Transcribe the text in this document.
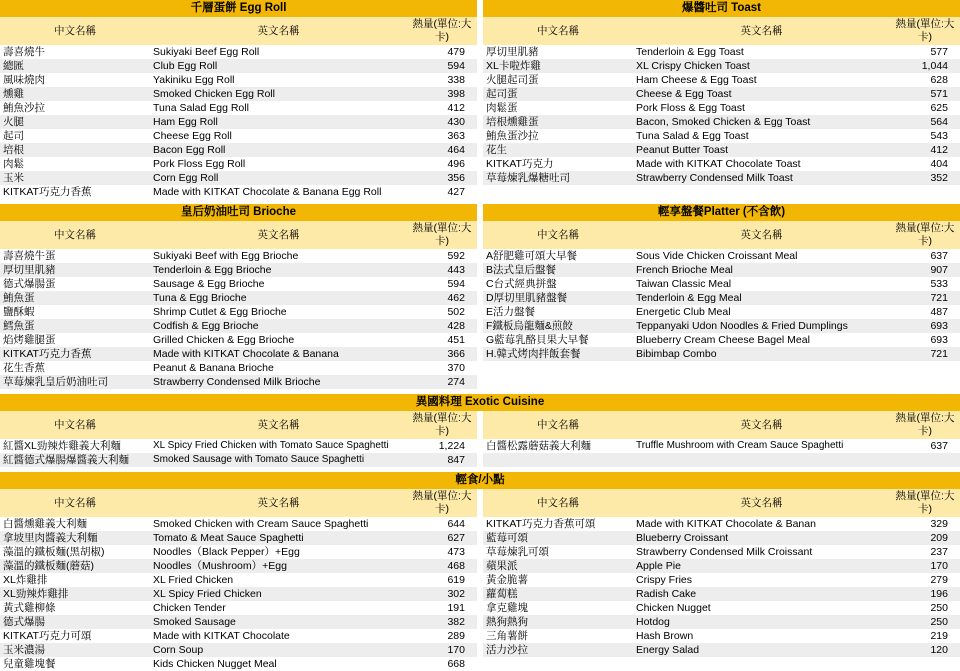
千層蛋餅 Egg Roll		
中文名稱	英文名稱	熱量(單位:大卡)
壽喜燒牛	Sukiyaki Beef Egg Roll	479
總匯	Club Egg Roll	594
風味燒肉	Yakiniku Egg Roll	338
燻雞	Smoked Chicken Egg Roll	398
鮪魚沙拉	Tuna Salad Egg Roll	412
火腿	Ham Egg Roll	430
起司	Cheese Egg Roll	363
培根	Bacon Egg Roll	464
肉鬆	Pork Floss Egg Roll	496
玉米	Corn Egg Roll	356
KITKAT巧克力香蕉	Made with KITKAT Chocolate & Banana Egg Roll	427
爆醬吐司 Toast		
中文名稱	英文名稱	熱量(單位:大卡)
厚切里肌豬	Tenderloin & Egg Toast	577
XL卡啦炸雞	XL Crispy Chicken Toast	1,044
火腿起司蛋	Ham Cheese & Egg Toast	628
起司蛋	Cheese & Egg Toast	571
肉鬆蛋	Pork Floss & Egg Toast	625
培根燻雞蛋	Bacon, Smoked Chicken & Egg Toast	564
鮪魚蛋沙拉	Tuna Salad & Egg Toast	543
花生	Peanut Butter Toast	412
KITKAT巧克力	Made with KITKAT Chocolate Toast	404
草莓煉乳爆糖吐司	Strawberry Condensed Milk Toast	352
皇后奶油吐司 Brioche		
中文名稱	英文名稱	熱量(單位:大卡)
壽喜燒牛蛋	Sukiyaki Beef with Egg Brioche	592
厚切里肌豬	Tenderloin & Egg Brioche	443
德式爆腸蛋	Sausage & Egg Brioche	594
鮪魚蛋	Tuna & Egg Brioche	462
鹽酥蝦	Shrimp Cutlet & Egg Brioche	502
鱈魚蛋	Codfish & Egg Brioche	428
焰烤雞腿蛋	Grilled Chicken & Egg Brioche	451
KITKAT巧克力香蕉	Made with KITKAT Chocolate & Banana	366
花生香蕉	Peanut & Banana Brioche	370
草莓煉乳皇后奶油吐司	Strawberry Condensed Milk Brioche	274
輕享盤餐Platter (不含飲)		
中文名稱	英文名稱	熱量(單位:大卡)
A舒肥雞可頌大早餐	Sous Vide Chicken Croissant Meal	637
B法式皇后盤餐	French Brioche Meal	907
C台式經典拼盤	Taiwan Classic Meal	533
D厚切里肌豬盤餐	Tenderloin & Egg Meal	721
E活力盤餐	Energetic Club Meal	487
F鐵板烏龍麵&煎餃	Teppanyaki Udon Noodles & Fried Dumplings	693
G藍莓乳酪貝果大早餐	Blueberry Cream Cheese Bagel Meal	693
H.韓式烤肉拌飯套餐	Bibimbap Combo	721
異國料理 Exotic Cuisine
中文名稱	英文名稱	熱量(單位:大卡)
紅醬XL勁辣炸雞義大利麵	XL Spicy Fried Chicken with Tomato Sauce Spaghetti	1,224
紅醬德式爆腸爆醬義大利麵	Smoked Sausage with Tomato Sauce Spaghetti	847
中文名稱	英文名稱	熱量(單位:大卡)
白醬松露蘑菇義大利麵	Truffle Mushroom with Cream Sauce Spaghetti	637

輕食/小點
中文名稱	英文名稱	熱量(單位:大卡)
白醬燻雞義大利麵	Smoked Chicken with Cream Sauce Spaghetti	644
拿坡里肉醬義大利麵	Tomato & Meat Sauce Spaghetti	627
藻溫的鐵板麵(黑胡椒)	Noodles（Black Pepper）+Egg	473
藻溫的鐵板麵(蘑菇)	Noodles（Mushroom）+Egg	468
XL炸雞排	XL Fried Chicken	619
XL勁辣炸雞排	XL Spicy Fried Chicken	302
黃式雞柳條	Chicken Tender	191
德式爆腸	Smoked Sausage	382
KITKAT巧克力可頌	Made with KITKAT Chocolate	289
玉米濃湯	Corn Soup	170
兒童雞塊餐	Kids Chicken Nugget Meal	668
中文名稱	英文名稱	熱量(單位:大卡)
KITKAT巧克力香蕉可頌	Made with KITKAT Chocolate & Banan	329
藍莓可頌	Blueberry Croissant	209
草莓煉乳可頌	Strawberry Condensed Milk Croissant	237
蘋果派	Apple Pie	170
黃金脆薯	Crispy Fries	279
蘿蔔糕	Radish Cake	196
拿克雞塊	Chicken Nugget	250
熱狗熱狗	Hotdog	250
三角薯餅	Hash Brown	219
活力沙拉	Energy Salad	120
